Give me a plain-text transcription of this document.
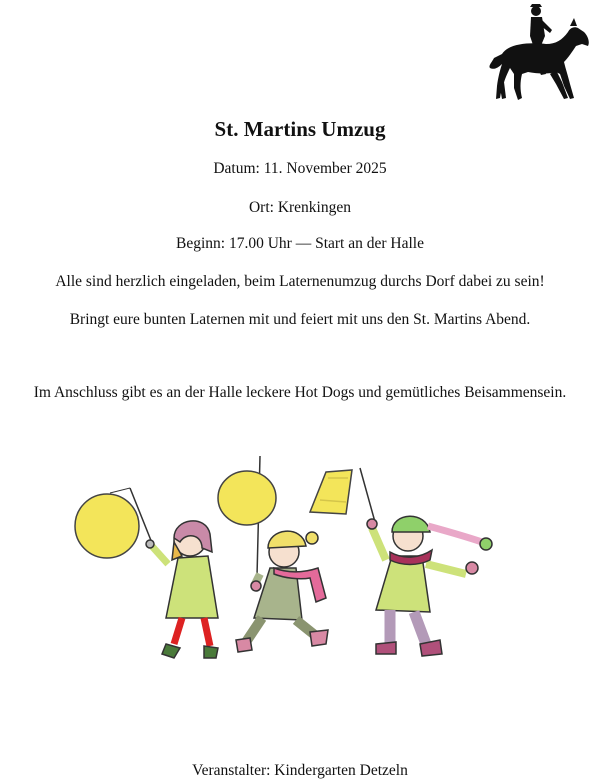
St. Martins Umzug
Datum: 11. November 2025
Ort: Krenkingen
Beginn: 17.00 Uhr — Start an der Halle
Alle sind herzlich eingeladen, beim Laternenumzug durchs Dorf dabei zu sein!
Bringt eure bunten Laternen mit und feiert mit uns den St. Martins Abend.
Im Anschluss gibt es an der Halle leckere Hot Dogs und gemütliches Beisammensein.
Veranstalter: Kindergarten Detzeln
